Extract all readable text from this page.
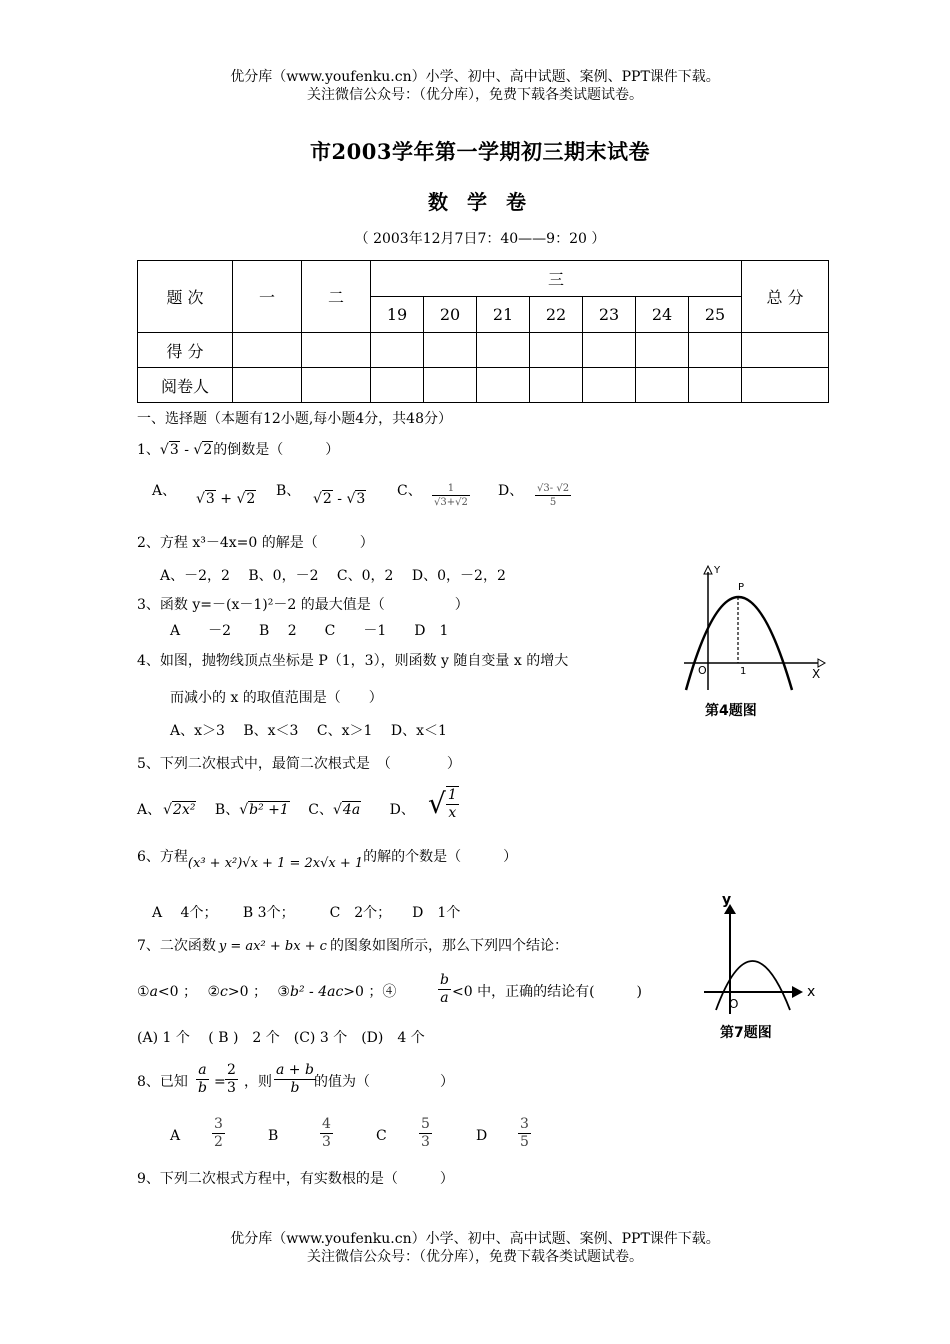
优分库（www.youfenku.cn）小学、初中、高中试题、案例、PPT课件下载。
关注微信公众号：（优分库），免费下载各类试题试卷。
市2003学年第一学期初三期末试卷
数 学 卷
（ 2003年12月7日7：40——9：20 ）
题 次	一	二	三							总 分
			19	20	21	22	23	24	25	
得 分										
阅卷人										
一、选择题（本题有12小题,每小题4分，共48分）
1、 √ 3 - √ 2的倒数是（　　　）
A、 √	3 + √ 2 B、 √	2 - √ 3 C、 1
√ 3+ √ 2 D、 √ $\frac{3- √ 2}{5}$
2、方程 x³－4x=0 的解是（　　　）
A、－2，2　 B、0，－2　 C、0，2　 D、0，－2，2
3、函数 y=－(x－1)²－2 的最大值是（　　　　　）
A　　－2　　B　 2　　C　　－1　　D　1
4、如图，抛物线顶点坐标是 P（1，3），则函数 y 随自变量 x 的增大
而减小的 x 的取值范围是（　　）
A、x＞3　 B、x＜3　 C、x＞1　 D、x＜1
Y
P
O	1	X
第4题图
5、下列二次根式中，最简二次根式是　（　　　　）
A、 √ 2x² B、 √ b² +1 C、 √ 4a D、 √ $\frac{1}{x}$
6、方程(x³ + x²)√x + 1 = 2x√x + 1的解的个数是（　　　）
A　 4个；　　 B 3个；　　　C　2个；　　D　1个
7、二次函数 y = ax² + bx + c 的图象如图所示，那么下列四个结论：
①a<0 ； ②c>0 ； ③b² - 4ac>0 ；④	$\frac{b}{a} <0$ 中，正确的结论有(　　　)
(A) 1 个　 ( B )　2 个　(C) 3 个　(D)　4 个
y
O
x
第7题图
8、已知 $\frac{a}{b} = \frac{2}{3}$ ，则 $\frac{a + b}{b}$
的值为（　　　　　）
A $\frac{3}{2}$	B	$\frac{4}{3}$	C $\frac{5}{3}$	D $\frac{3}{5}$
9、下列二次根式方程中，有实数根的是（　　　）
优分库（www.youfenku.cn）小学、初中、高中试题、案例、PPT课件下载。
关注微信公众号：（优分库），免费下载各类试题试卷。
